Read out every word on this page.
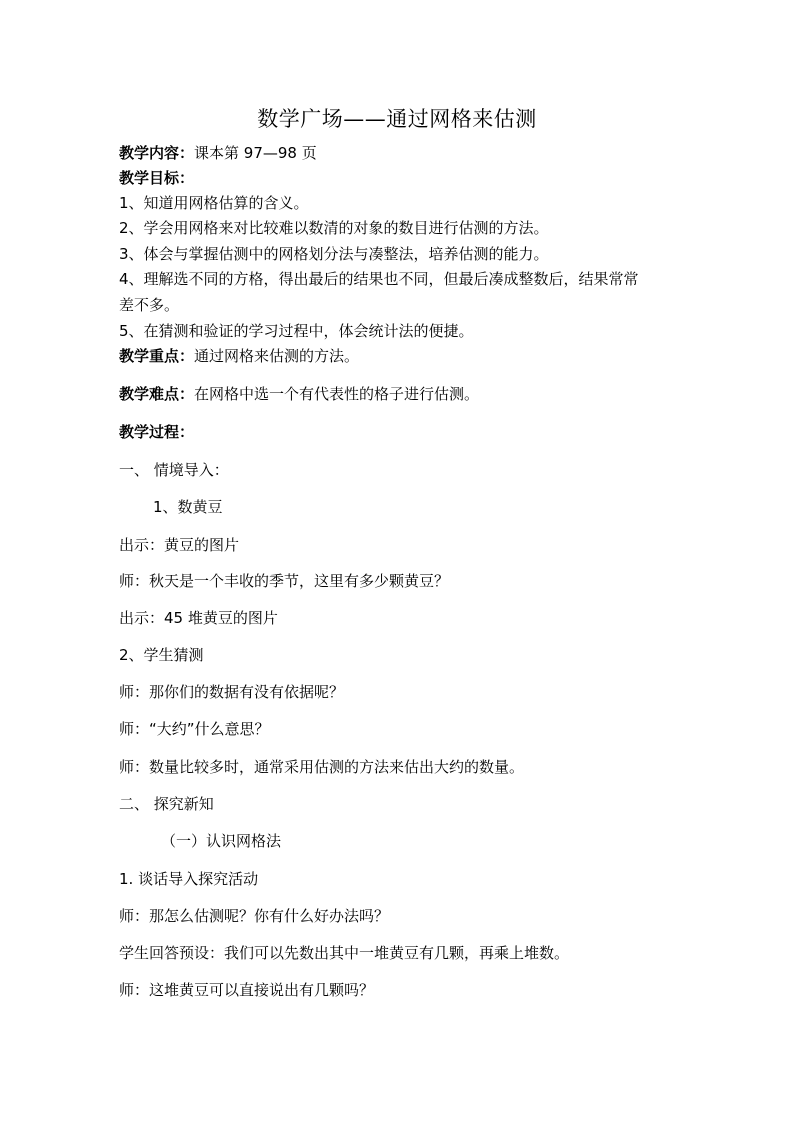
数学广场——通过网格来估测
教学内容：课本第 97—98 页
教学目标：
1、知道用网格估算的含义。
2、学会用网格来对比较难以数清的对象的数目进行估测的方法。
3、体会与掌握估测中的网格划分法与凑整法，培养估测的能力。
4、理解选不同的方格，得出最后的结果也不同，但最后凑成整数后，结果常常
差不多。
5、在猜测和验证的学习过程中，体会统计法的便捷。
教学重点：通过网格来估测的方法。
教学难点：在网格中选一个有代表性的格子进行估测。
教学过程：
一、 情境导入：
1、数黄豆
出示：黄豆的图片
师：秋天是一个丰收的季节，这里有多少颗黄豆？
出示：45 堆黄豆的图片
2、学生猜测
师：那你们的数据有没有依据呢？
师：“大约”什么意思？
师：数量比较多时，通常采用估测的方法来估出大约的数量。
二、 探究新知
（一）认识网格法
1. 谈话导入探究活动
师：那怎么估测呢？你有什么好办法吗？
学生回答预设：我们可以先数出其中一堆黄豆有几颗，再乘上堆数。
师：这堆黄豆可以直接说出有几颗吗？
